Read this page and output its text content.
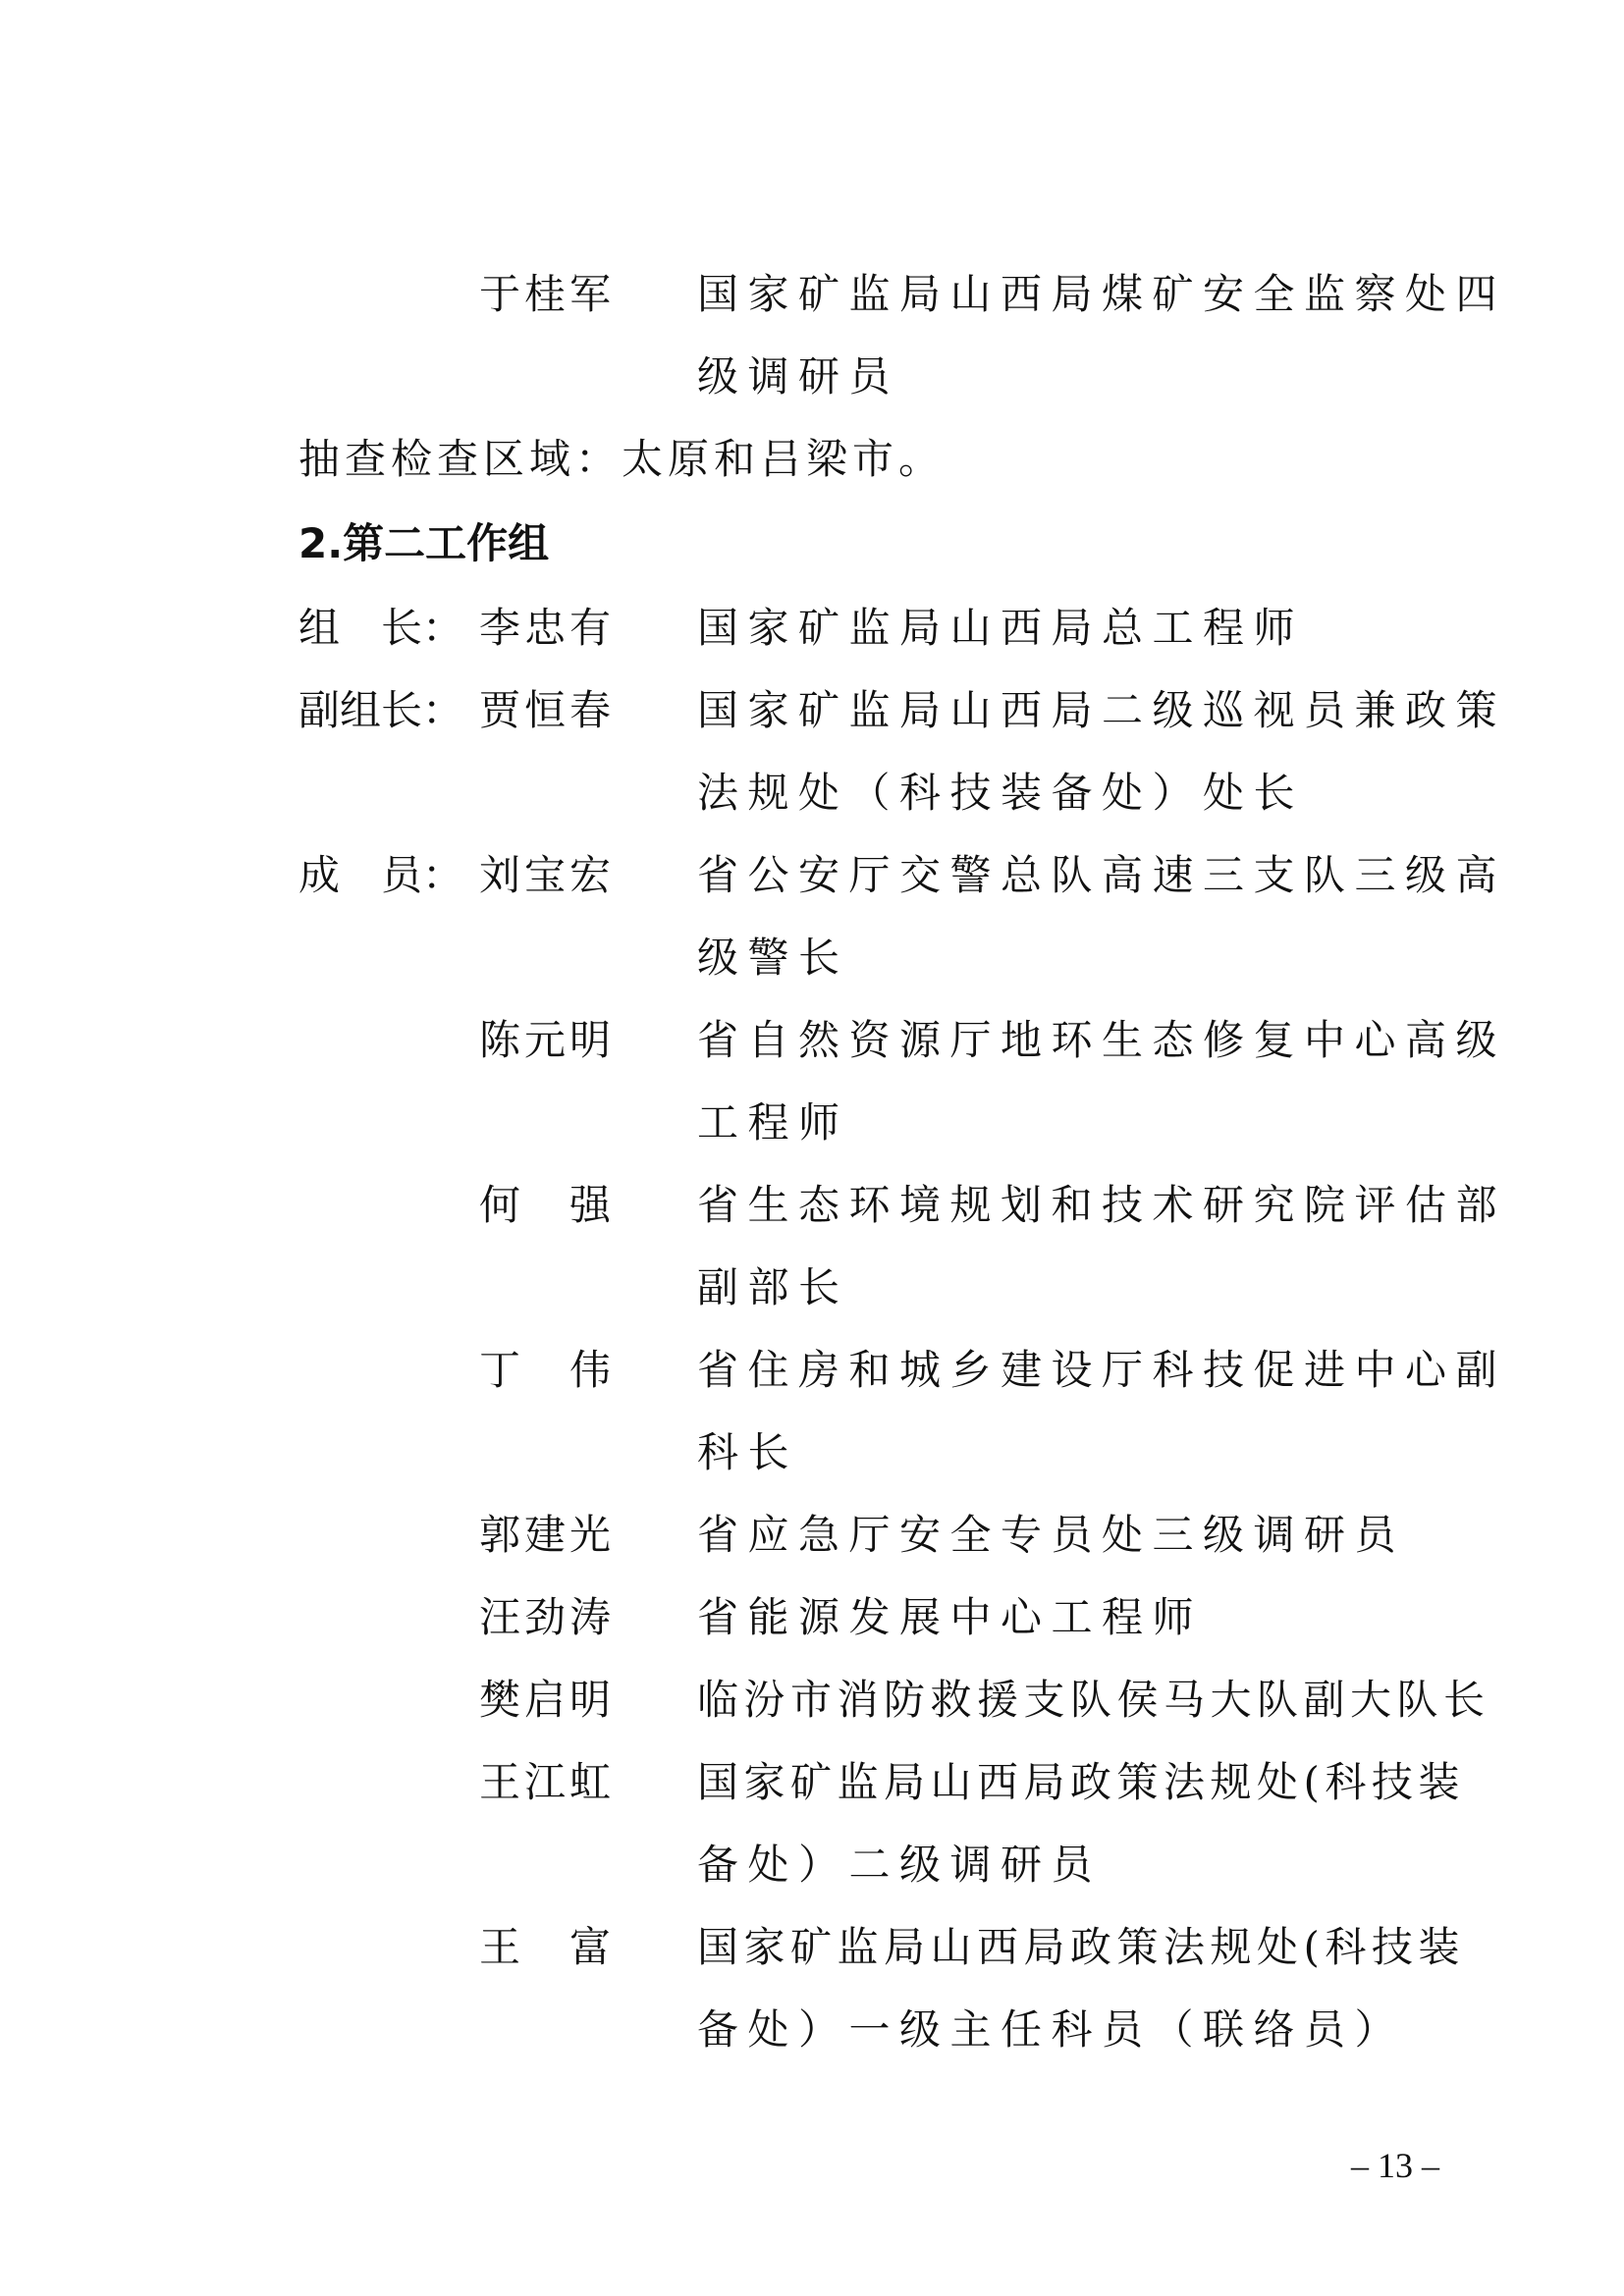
于桂军 国家矿监局山西局煤矿安全监察处四
级调研员
抽查检查区域：太原和吕梁市。
2.第二工作组
组　长： 李忠有 国家矿监局山西局总工程师
副组长： 贾恒春 国家矿监局山西局二级巡视员兼政策
法规处（科技装备处）处长
成　员： 刘宝宏 省公安厅交警总队高速三支队三级高
级警长
陈元明 省自然资源厅地环生态修复中心高级
工程师
何　强 省生态环境规划和技术研究院评估部
副部长
丁　伟 省住房和城乡建设厅科技促进中心副
科长
郭建光 省应急厅安全专员处三级调研员
汪劲涛 省能源发展中心工程师
樊启明 临汾市消防救援支队侯马大队副大队长
王江虹 国家矿监局山西局政策法规处(科技装
备处）二级调研员
王　富 国家矿监局山西局政策法规处(科技装
备处）一级主任科员（联络员）
– 13 –
